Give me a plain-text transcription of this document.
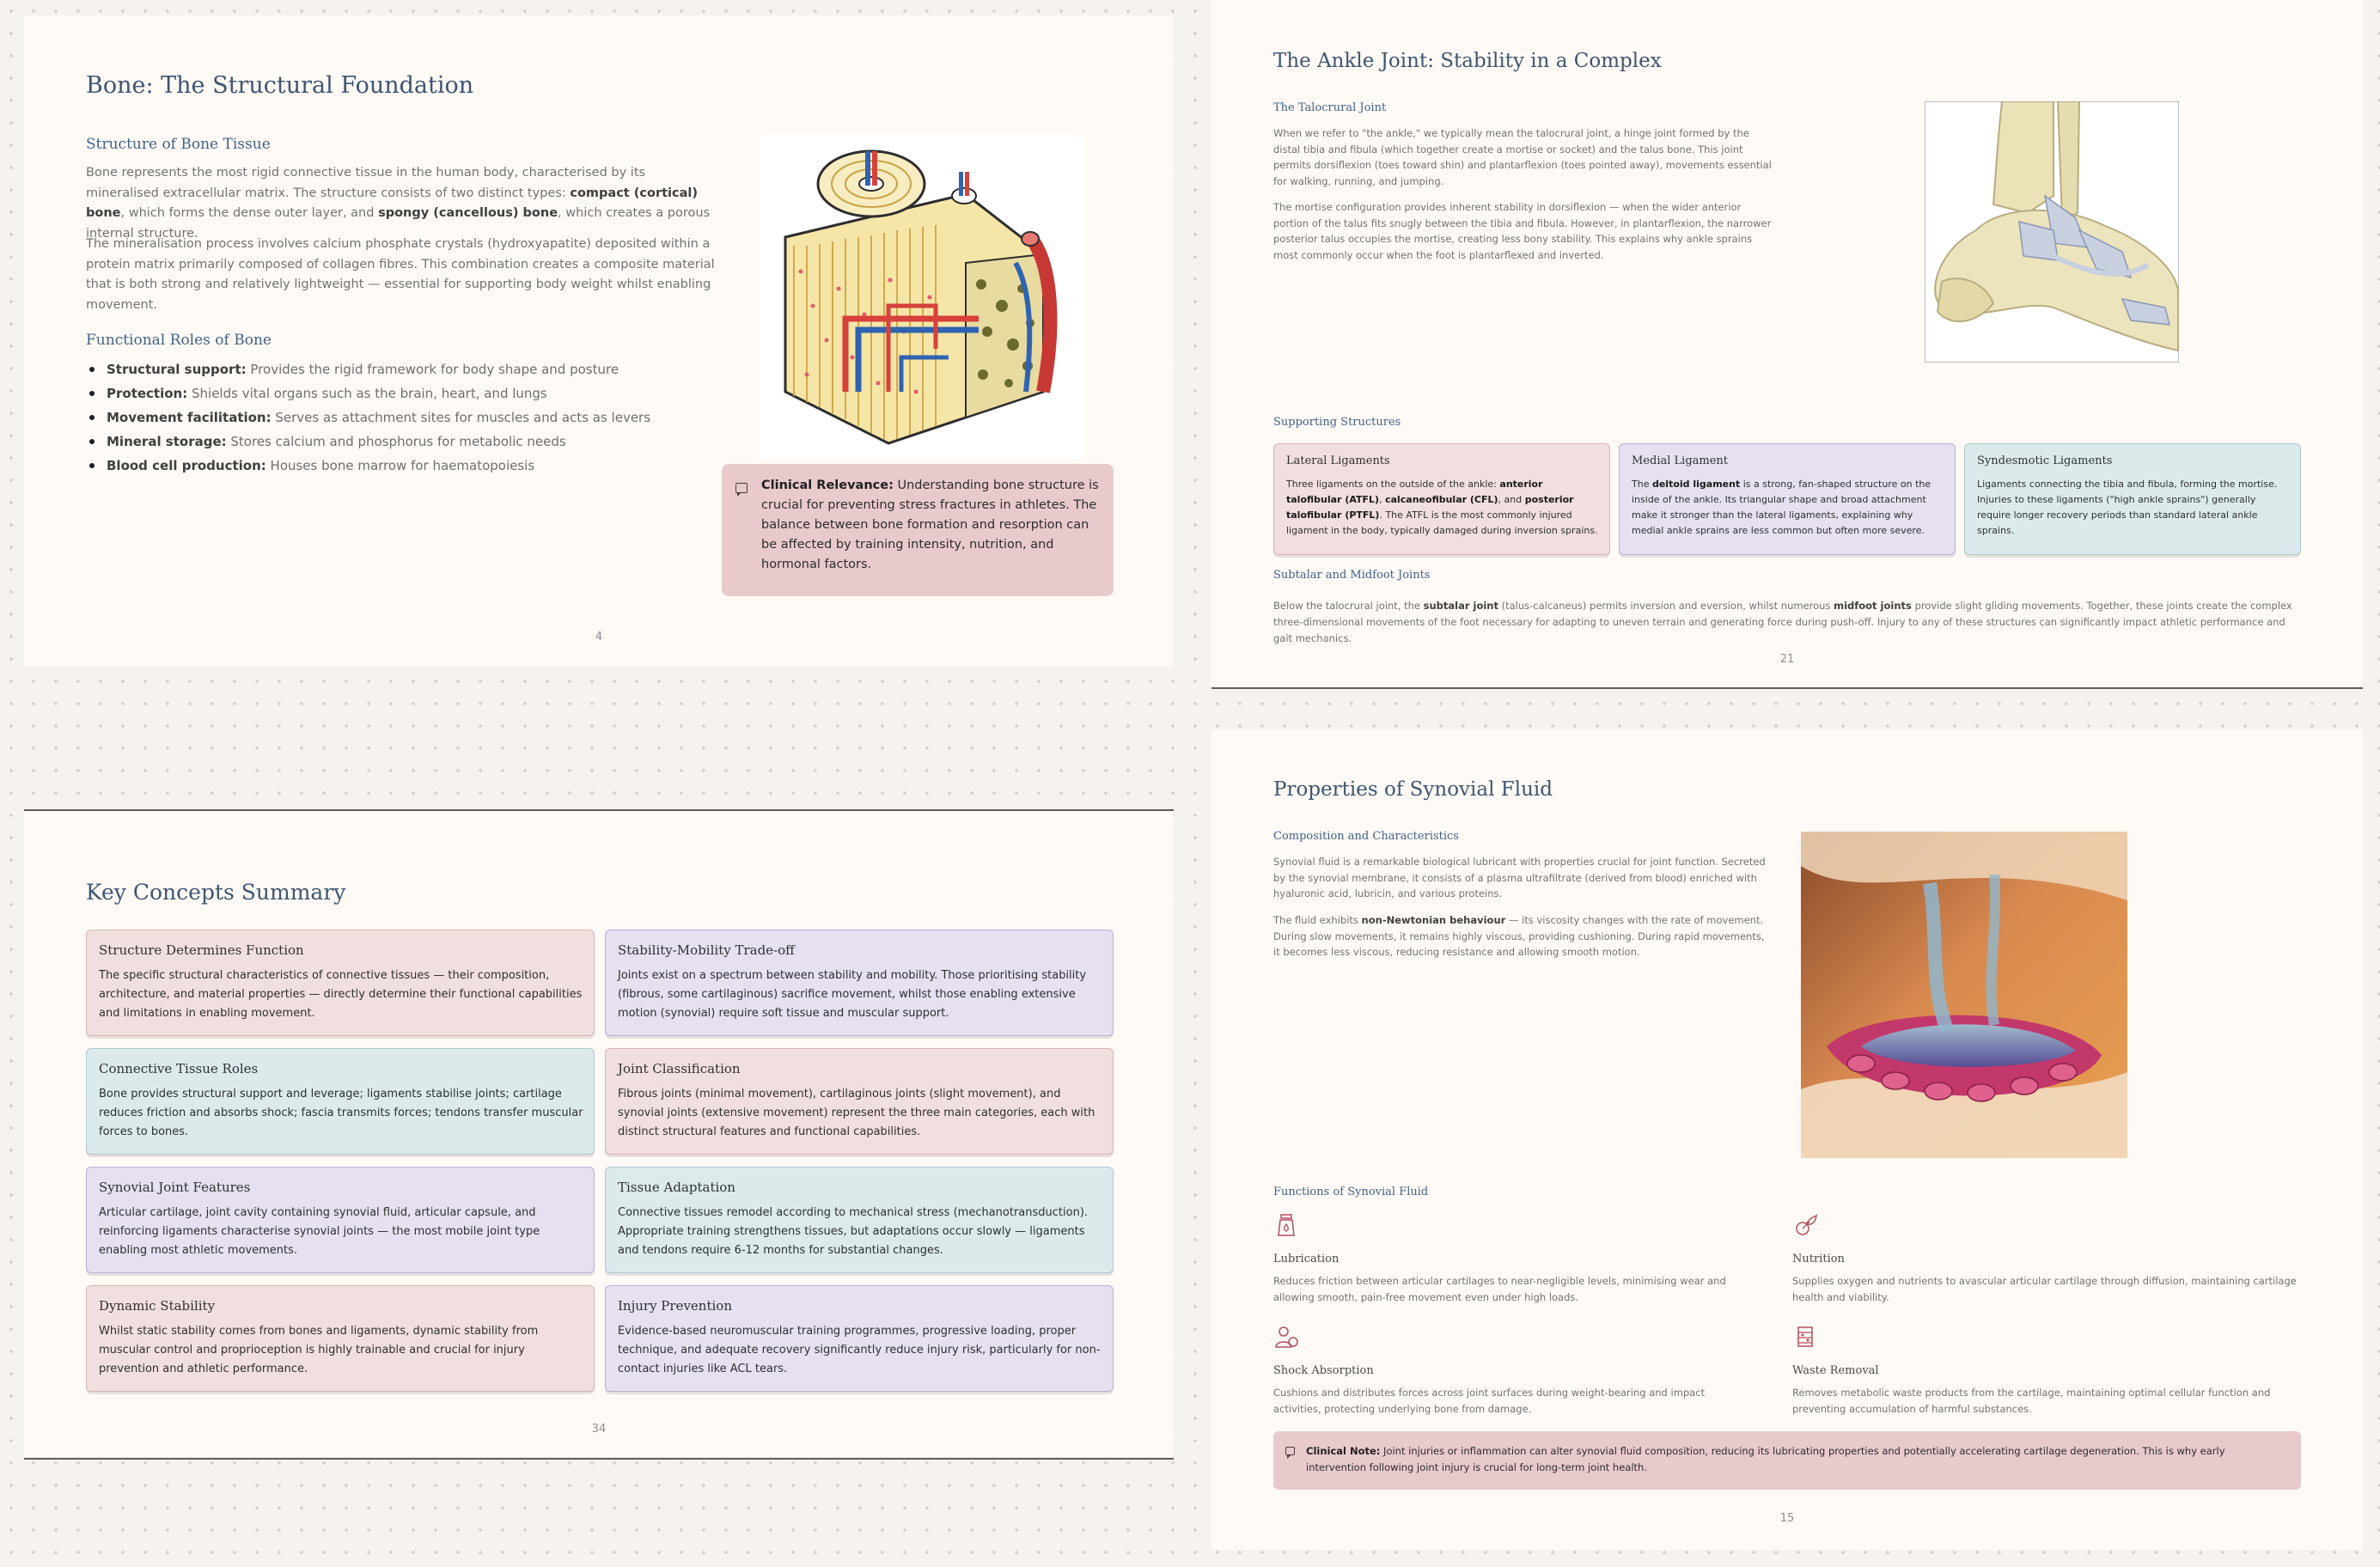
Bone: The Structural Foundation
Structure of Bone Tissue

Bone represents the most rigid connective tissue in the human body, characterised by its mineralised extracellular matrix. The structure consists of two distinct types: compact (cortical) bone, which forms the dense outer layer, and spongy (cancellous) bone, which creates a porous internal structure.

The mineralisation process involves calcium phosphate crystals (hydroxyapatite) deposited within a protein matrix primarily composed of collagen fibres. This combination creates a composite material that is both strong and relatively lightweight — essential for supporting body weight whilst enabling movement.

Functional Roles of Bone
Structural support: Provides the rigid framework for body shape and posture
Protection: Shields vital organs such as the brain, heart, and lungs
Movement facilitation: Serves as attachment sites for muscles and acts as levers
Mineral storage: Stores calcium and phosphorus for metabolic needs
Blood cell production: Houses bone marrow for haematopoiesis

Clinical Relevance: Understanding bone structure is crucial for preventing stress fractures in athletes. The balance between bone formation and resorption can be affected by training intensity, nutrition, and hormonal factors.

4
The Ankle Joint: Stability in a Complex
The Talocrural Joint

When we refer to "the ankle," we typically mean the talocrural joint, a hinge joint formed by the distal tibia and fibula (which together create a mortise or socket) and the talus bone. This joint permits dorsiflexion (toes toward shin) and plantarflexion (toes pointed away), movements essential for walking, running, and jumping.

The mortise configuration provides inherent stability in dorsiflexion — when the wider anterior portion of the talus fits snugly between the tibia and fibula. However, in plantarflexion, the narrower posterior talus occupies the mortise, creating less bony stability. This explains why ankle sprains most commonly occur when the foot is plantarflexed and inverted.

Supporting Structures
Lateral Ligaments

Three ligaments on the outside of the ankle: anterior talofibular (ATFL), calcaneofibular (CFL), and posterior talofibular (PTFL). The ATFL is the most commonly injured ligament in the body, typically damaged during inversion sprains.

Medial Ligament

The deltoid ligament is a strong, fan-shaped structure on the inside of the ankle. Its triangular shape and broad attachment make it stronger than the lateral ligaments, explaining why medial ankle sprains are less common but often more severe.

Syndesmotic Ligaments

Ligaments connecting the tibia and fibula, forming the mortise. Injuries to these ligaments ("high ankle sprains") generally require longer recovery periods than standard lateral ankle sprains.

Subtalar and Midfoot Joints

Below the talocrural joint, the subtalar joint (talus-calcaneus) permits inversion and eversion, whilst numerous midfoot joints provide slight gliding movements. Together, these joints create the complex three-dimensional movements of the foot necessary for adapting to uneven terrain and generating force during push-off. Injury to any of these structures can significantly impact athletic performance and gait mechanics.

21
Key Concepts Summary
Structure Determines Function

The specific structural characteristics of connective tissues — their composition, architecture, and material properties — directly determine their functional capabilities and limitations in enabling movement.

Stability-Mobility Trade-off

Joints exist on a spectrum between stability and mobility. Those prioritising stability (fibrous, some cartilaginous) sacrifice movement, whilst those enabling extensive motion (synovial) require soft tissue and muscular support.

Connective Tissue Roles

Bone provides structural support and leverage; ligaments stabilise joints; cartilage reduces friction and absorbs shock; fascia transmits forces; tendons transfer muscular forces to bones.

Joint Classification

Fibrous joints (minimal movement), cartilaginous joints (slight movement), and synovial joints (extensive movement) represent the three main categories, each with distinct structural features and functional capabilities.

Synovial Joint Features

Articular cartilage, joint cavity containing synovial fluid, articular capsule, and reinforcing ligaments characterise synovial joints — the most mobile joint type enabling most athletic movements.

Tissue Adaptation

Connective tissues remodel according to mechanical stress (mechanotransduction). Appropriate training strengthens tissues, but adaptations occur slowly — ligaments and tendons require 6-12 months for substantial changes.

Dynamic Stability

Whilst static stability comes from bones and ligaments, dynamic stability from muscular control and proprioception is highly trainable and crucial for injury prevention and athletic performance.

Injury Prevention

Evidence-based neuromuscular training programmes, progressive loading, proper technique, and adequate recovery significantly reduce injury risk, particularly for non-contact injuries like ACL tears.

34
Properties of Synovial Fluid
Composition and Characteristics

Synovial fluid is a remarkable biological lubricant with properties crucial for joint function. Secreted by the synovial membrane, it consists of a plasma ultrafiltrate (derived from blood) enriched with hyaluronic acid, lubricin, and various proteins.

The fluid exhibits non-Newtonian behaviour — its viscosity changes with the rate of movement. During slow movements, it remains highly viscous, providing cushioning. During rapid movements, it becomes less viscous, reducing resistance and allowing smooth motion.

Functions of Synovial Fluid
Lubrication

Reduces friction between articular cartilages to near-negligible levels, minimising wear and allowing smooth, pain-free movement even under high loads.

Nutrition

Supplies oxygen and nutrients to avascular articular cartilage through diffusion, maintaining cartilage health and viability.

Shock Absorption

Cushions and distributes forces across joint surfaces during weight-bearing and impact activities, protecting underlying bone from damage.

Waste Removal

Removes metabolic waste products from the cartilage, maintaining optimal cellular function and preventing accumulation of harmful substances.

Clinical Note: Joint injuries or inflammation can alter synovial fluid composition, reducing its lubricating properties and potentially accelerating cartilage degeneration. This is why early intervention following joint injury is crucial for long-term joint health.

15
